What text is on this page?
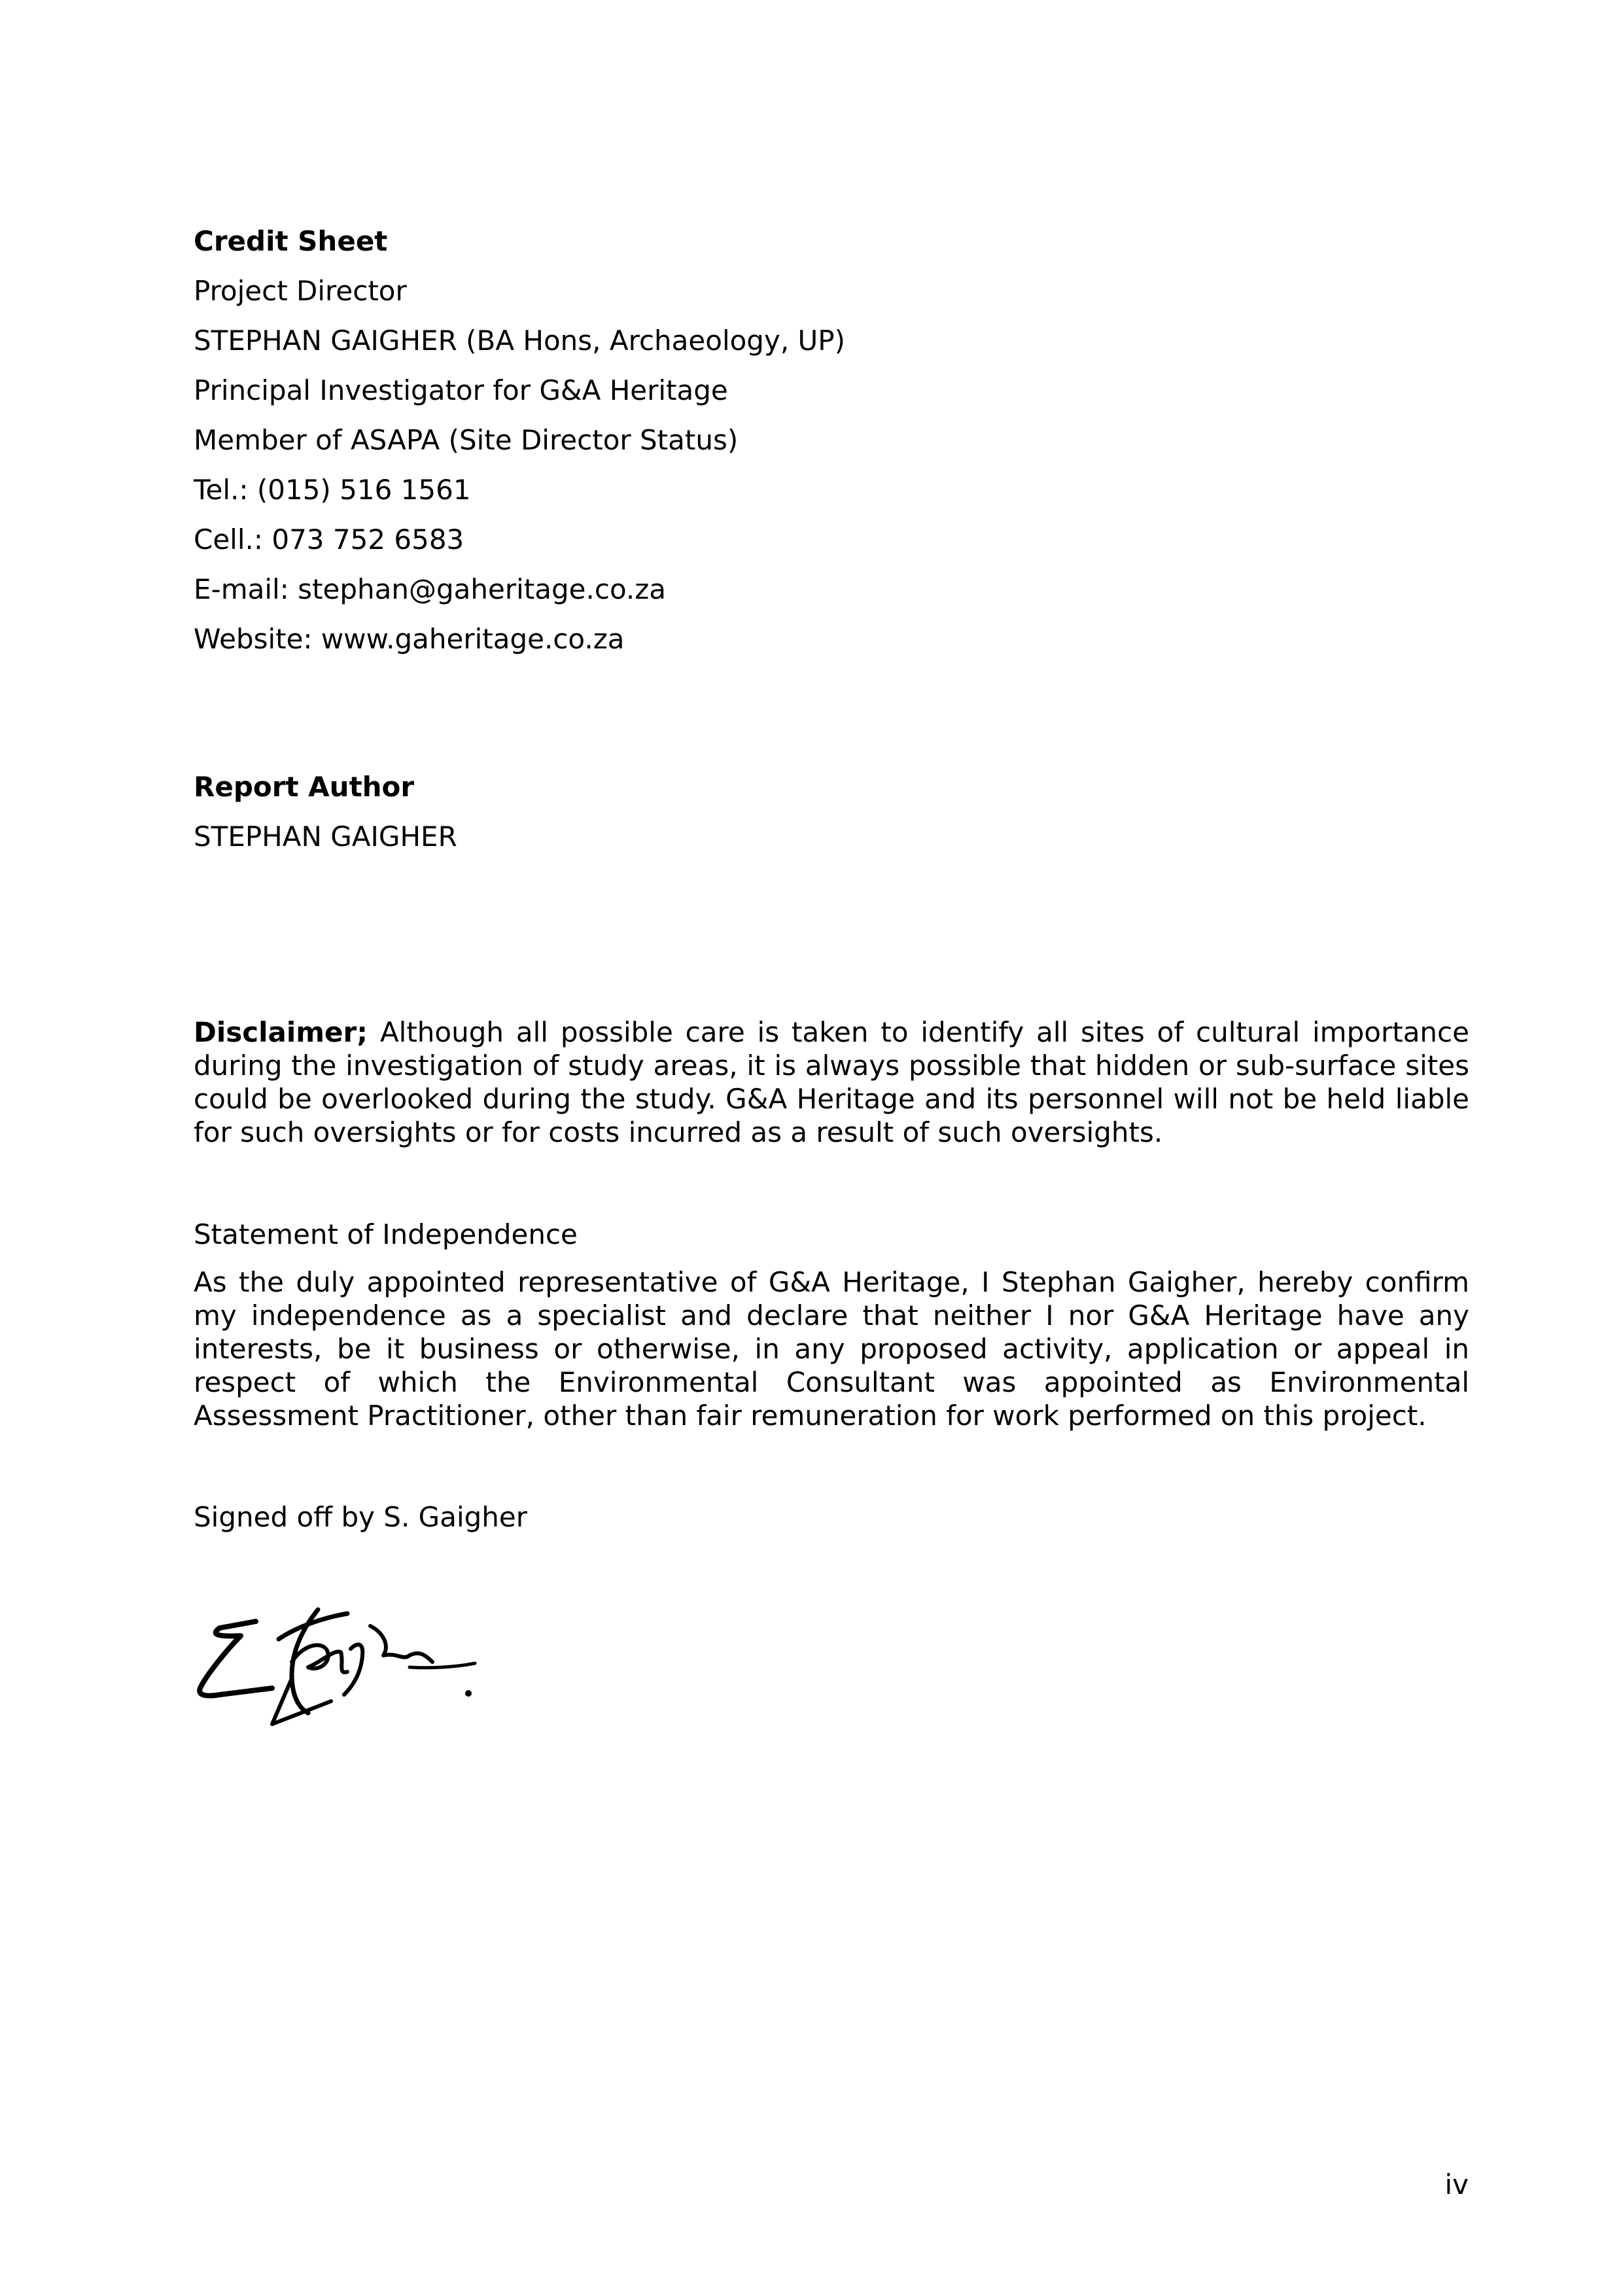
Credit Sheet
Project Director
STEPHAN GAIGHER (BA Hons, Archaeology, UP)
Principal Investigator for G&A Heritage
Member of ASAPA (Site Director Status)
Tel.: (015) 516 1561
Cell.: 073 752 6583
E-mail: stephan@gaheritage.co.za
Website: www.gaheritage.co.za
Report Author
STEPHAN GAIGHER
Disclaimer; Although all possible care is taken to identify all sites of cultural importance during the investigation of study areas, it is always possible that hidden or sub-surface sites could be overlooked during the study. G&A Heritage and its personnel will not be held liable for such oversights or for costs incurred as a result of such oversights.
Statement of Independence
As the duly appointed representative of G&A Heritage, I Stephan Gaigher, hereby confirm my independence as a specialist and declare that neither I nor G&A Heritage have any interests, be it business or otherwise, in any proposed activity, application or appeal in respect of which the Environmental Consultant was appointed as Environmental Assessment Practitioner, other than fair remuneration for work performed on this project.
Signed off by S. Gaigher
iv
